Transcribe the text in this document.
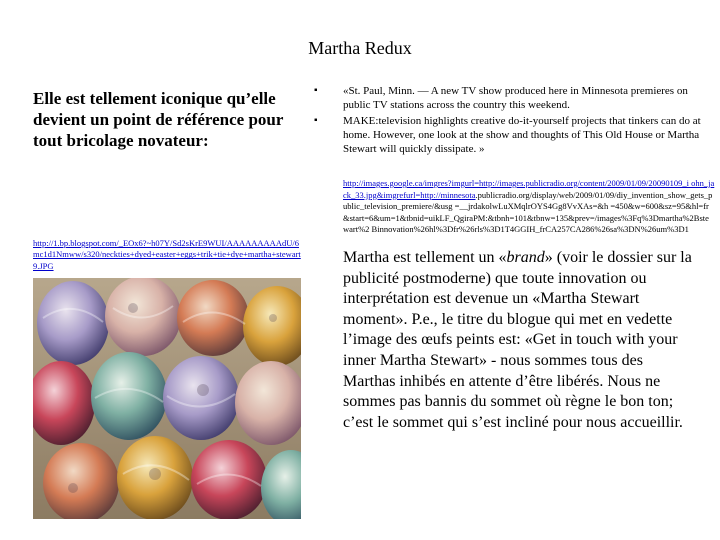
Martha Redux
Elle est tellement iconique qu’elle devient un point de référence pour tout bricolage novateur:
▪ «St. Paul, Minn. — A new TV show produced here in Minnesota premieres on public TV stations across the country this weekend.
▪ MAKE:television highlights creative do-it-yourself projects that tinkers can do at home. However, one look at the show and thoughts of This Old House or Martha Stewart will quickly dissipate. »
http://images.google.ca/imgres?imgurl=http://images.publicradio.org/content/2009/01/09/20090109_i ohn_jack_33.jpg&imgrefurl=http://minnesota.publicradio.org/display/web/2009/01/09/diy_invention_show_gets_public_television_premiere/&usg =__jrdakolwLuXMqlrOYS4Gg8VvXAs=&h =450&w=600&sz=95&hl=fr&start=6&um=1&tbnid=uikLF_QgiraPM:&tbnh=101&tbnw=135&prev=/images%3Fq%3Dmartha%2Bstewart%2 Binnovation%26hl%3Dfr%26rls%3D1T4GGIH_frCA257CA286%26sa%3DN%26um%3D1
http://1.bp.blogspot.com/_EOx6?~h07Y/Sd2sKrE9WUI/AAAAAAAAAdU/6mc1d1Nmww/s320/neckties+dyed+easter+eggs+trik+tie+dye+martha+stewart9.JPG	Martha est tellement un «brand» (voir le dossier sur la publicité postmoderne) que toute innovation ou interprétation est devenue un «Martha Stewart moment». P.e., le titre du blogue qui met en vedette l’image des œufs peints est: «Get in touch with your inner Martha Stewart» - nous sommes tous des Marthas inhibés en attente d’être libérés. Nous ne sommes pas bannis du sommet où règne le bon ton; c’est le sommet qui s’est incliné pour nous accueillir.
